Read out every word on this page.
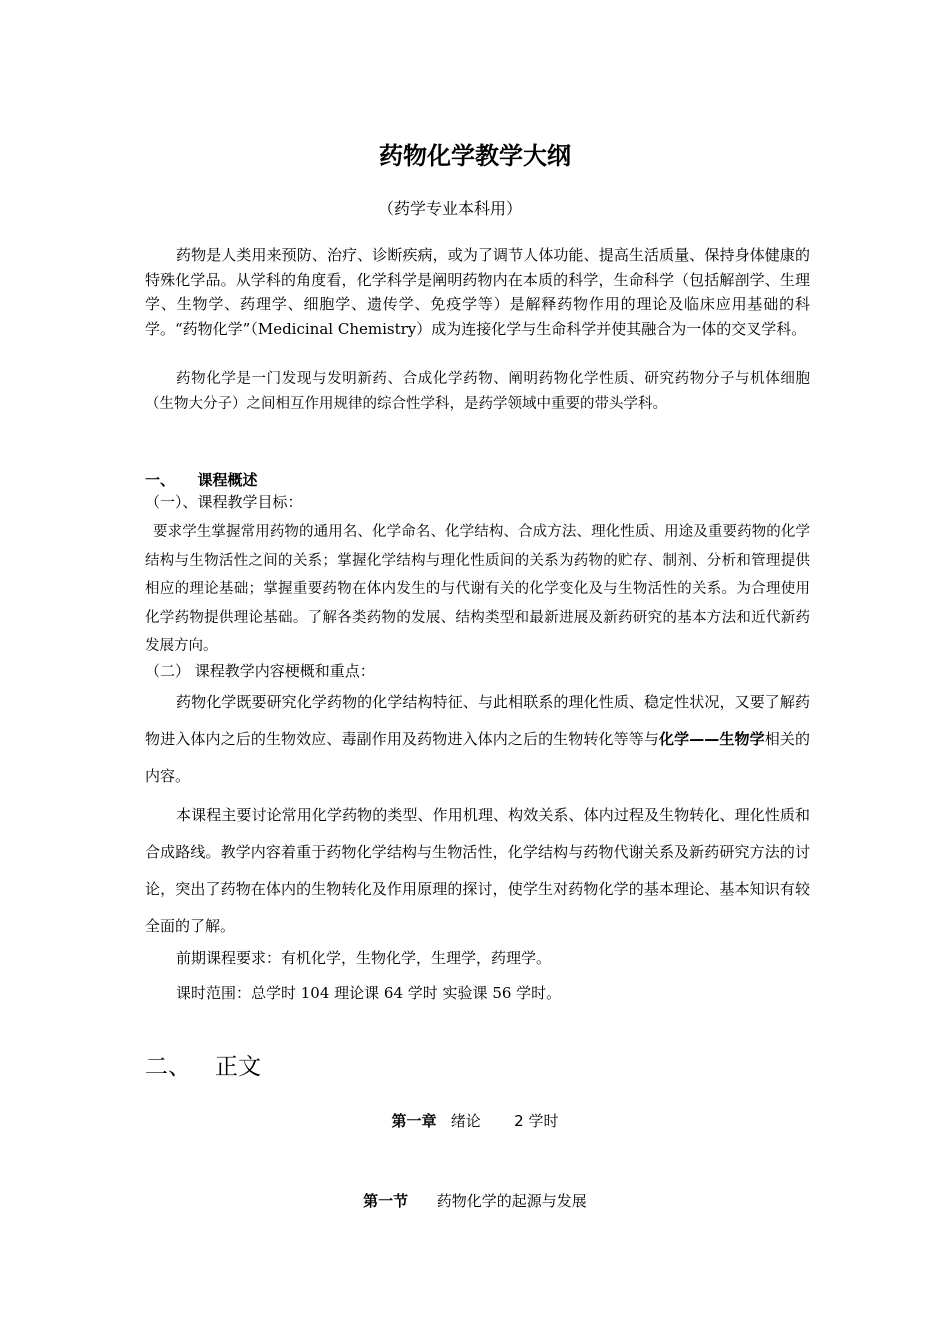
药物化学教学大纲
（药学专业本科用）

药物是人类用来预防、治疗、诊断疾病，或为了调节人体功能、提高生活质量、保持身体健康的特殊化学品。从学科的角度看，化学科学是阐明药物内在本质的科学，生命科学（包括解剖学、生理学、生物学、药理学、细胞学、遗传学、免疫学等）是解释药物作用的理论及临床应用基础的科学。“药物化学”（Medicinal Chemistry）成为连接化学与生命科学并使其融合为一体的交叉学科。

药物化学是一门发现与发明新药、合成化学药物、阐明药物化学性质、研究药物分子与机体细胞（生物大分子）之间相互作用规律的综合性学科，是药学领域中重要的带头学科。

一、 课程概述

（一）、课程教学目标：

要求学生掌握常用药物的通用名、化学命名、化学结构、合成方法、理化性质、用途及重要药物的化学结构与生物活性之间的关系；掌握化学结构与理化性质间的关系为药物的贮存、制剂、分析和管理提供相应的理论基础；掌握重要药物在体内发生的与代谢有关的化学变化及与生物活性的关系。为合理使用化学药物提供理论基础。了解各类药物的发展、结构类型和最新进展及新药研究的基本方法和近代新药发展方向。

（二） 课程教学内容梗概和重点：

药物化学既要研究化学药物的化学结构特征、与此相联系的理化性质、稳定性状况，又要了解药物进入体内之后的生物效应、毒副作用及药物进入体内之后的生物转化等等与化学——生物学相关的内容。

本课程主要讨论常用化学药物的类型、作用机理、构效关系、体内过程及生物转化、理化性质和合成路线。教学内容着重于药物化学结构与生物活性，化学结构与药物代谢关系及新药研究方法的讨论，突出了药物在体内的生物转化及作用原理的探讨，使学生对药物化学的基本理论、基本知识有较全面的了解。

前期课程要求：有机化学，生物化学，生理学，药理学。

课时范围：总学时 104 理论课 64 学时 实验课 56 学时。

二、 正文
第一章   绪论       2 学时
第一节      药物化学的起源与发展
